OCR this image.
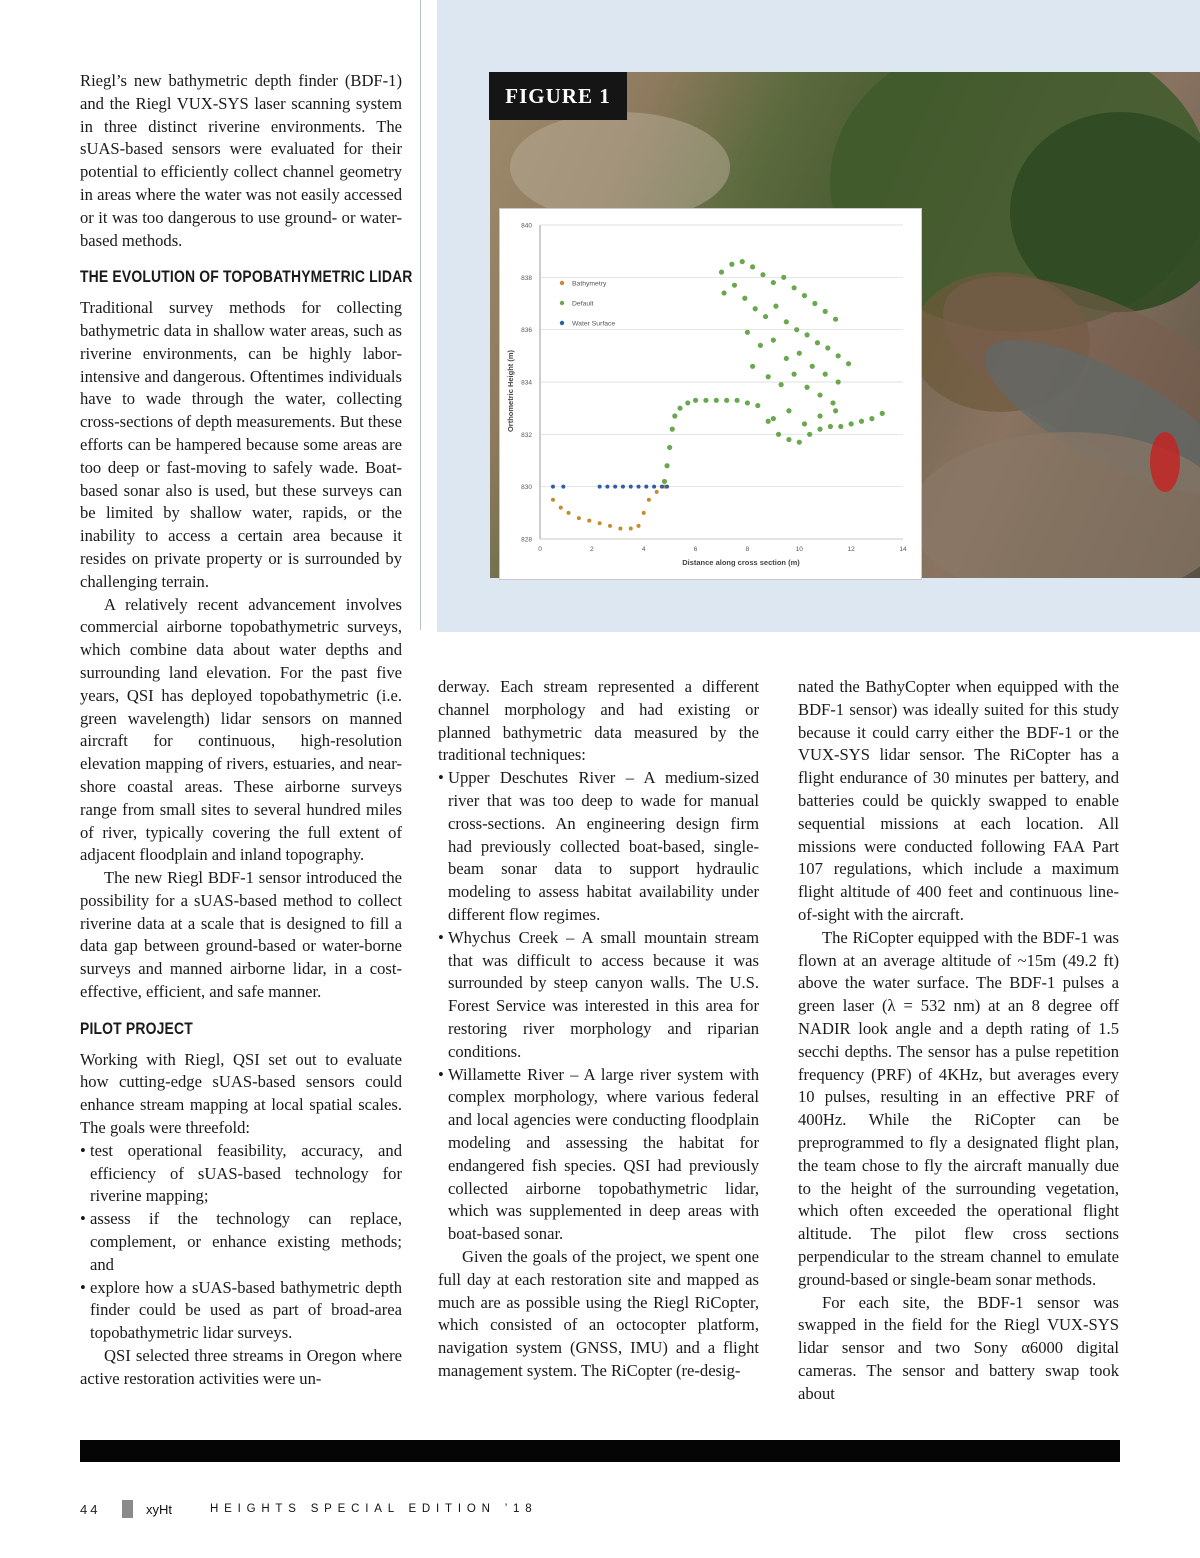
Riegl’s new bathymetric depth finder (BDF-1) and the Riegl VUX-SYS laser scanning system in three distinct riverine environments. The sUAS-based sensors were evaluated for their potential to efficiently collect channel geometry in areas where the water was not easily accessed or it was too dangerous to use ground- or water-based methods.

THE EVOLUTION OF TOPOBATHYMETRIC LIDAR

Traditional survey methods for collecting bathymetric data in shallow water areas, such as riverine environments, can be highly labor-intensive and dangerous. Oftentimes individuals have to wade through the water, collecting cross-sections of depth measurements. But these efforts can be hampered because some areas are too deep or fast-moving to safely wade. Boat-based sonar also is used, but these surveys can be limited by shallow water, rapids, or the inability to access a certain area because it resides on private property or is surrounded by challenging terrain.

A relatively recent advancement involves commercial airborne topobathymetric surveys, which combine data about water depths and surrounding land elevation. For the past five years, QSI has deployed topobathymetric (i.e. green wavelength) lidar sensors on manned aircraft for continuous, high-resolution elevation mapping of rivers, estuaries, and near-shore coastal areas. These airborne surveys range from small sites to several hundred miles of river, typically covering the full extent of adjacent floodplain and inland topography.

The new Riegl BDF-1 sensor introduced the possibility for a sUAS-based method to collect riverine data at a scale that is designed to fill a data gap between ground-based or water-borne surveys and manned airborne lidar, in a cost-effective, efficient, and safe manner.

PILOT PROJECT

Working with Riegl, QSI set out to evaluate how cutting-edge sUAS-based sensors could enhance stream mapping at local spatial scales. The goals were threefold:

• test operational feasibility, accuracy, and efficiency of sUAS-based technology for riverine mapping;
• assess if the technology can replace, complement, or enhance existing methods; and
• explore how a sUAS-based bathymetric depth finder could be used as part of broad-area topobathymetric lidar surveys.

QSI selected three streams in Oregon where active restoration activities were un-

FIGURE 1
828
830
832
834
836
838
840
0	2	4	6	8	10	12	14
Bathymetry
Default
Water Surface
Distance along cross section (m)
Orthometric Height (m)

derway. Each stream represented a different channel morphology and had existing or planned bathymetric data measured by the traditional techniques:

• Upper Deschutes River – A medium-sized river that was too deep to wade for manual cross-sections. An engineering design firm had previously collected boat-based, single-beam sonar data to support hydraulic modeling to assess habitat availability under different flow regimes.
• Whychus Creek – A small mountain stream that was difficult to access because it was surrounded by steep canyon walls. The U.S. Forest Service was interested in this area for restoring river morphology and riparian conditions.
• Willamette River – A large river system with complex morphology, where various federal and local agencies were conducting floodplain modeling and assessing the habitat for endangered fish species. QSI had previously collected airborne topobathymetric lidar, which was supplemented in deep areas with boat-based sonar.

Given the goals of the project, we spent one full day at each restoration site and mapped as much are as possible using the Riegl RiCopter, which consisted of an octocopter platform, navigation system (GNSS, IMU) and a flight management system. The RiCopter (re-desig-

nated the BathyCopter when equipped with the BDF-1 sensor) was ideally suited for this study because it could carry either the BDF-1 or the VUX-SYS lidar sensor. The RiCopter has a flight endurance of 30 minutes per battery, and batteries could be quickly swapped to enable sequential missions at each location. All missions were conducted following FAA Part 107 regulations, which include a maximum flight altitude of 400 feet and continuous line-of-sight with the aircraft.

The RiCopter equipped with the BDF-1 was flown at an average altitude of ~15m (49.2 ft) above the water surface. The BDF-1 pulses a green laser (λ = 532 nm) at an 8 degree off NADIR look angle and a depth rating of 1.5 secchi depths. The sensor has a pulse repetition frequency (PRF) of 4KHz, but averages every 10 pulses, resulting in an effective PRF of 400Hz. While the RiCopter can be preprogrammed to fly a designated flight plan, the team chose to fly the aircraft manually due to the height of the surrounding vegetation, which often exceeded the operational flight altitude. The pilot flew cross sections perpendicular to the stream channel to emulate ground-based or single-beam sonar methods.

For each site, the BDF-1 sensor was swapped in the field for the Riegl VUX-SYS lidar sensor and two Sony α6000 digital cameras. The sensor and battery swap took about

44	xyHt	HEIGHTS SPECIAL EDITION ’18
